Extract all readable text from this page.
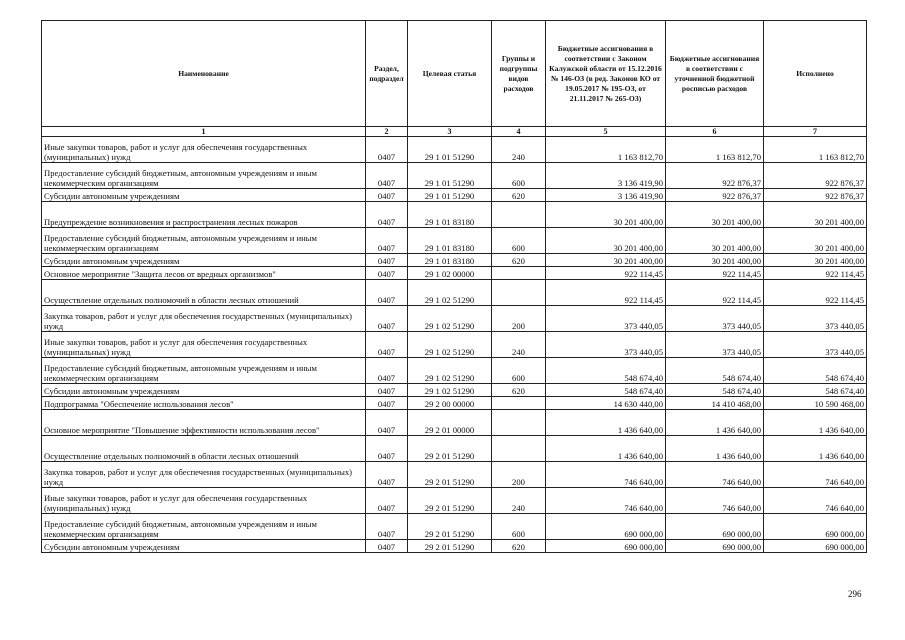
Наименование	Раздел, подраздел	Целевая статья	Группы и подгруппы видов расходов	Бюджетные ассигнования в соответствии с Законом Калужской области от 15.12.2016 № 146-ОЗ (в ред. Законов КО от 19.05.2017 № 195-ОЗ, от 21.11.2017 № 265-ОЗ)	Бюджетные ассигнования в соответствии с уточненной бюджетной росписью расходов	Исполнено
1	2	3	4	5	6	7
Иные закупки товаров, работ и услуг для обеспечения государственных (муниципальных) нужд	0407	29 1 01 51290	240	1 163 812,70	1 163 812,70	1 163 812,70
Предоставление субсидий бюджетным, автономным учреждениям и иным некоммерческим организациям	0407	29 1 01 51290	600	3 136 419,90	922 876,37	922 876,37
Субсидии автономным учреждениям	0407	29 1 01 51290	620	3 136 419,90	922 876,37	922 876,37
Предупреждение возникновения и распространения лесных пожаров	0407	29 1 01 83180		30 201 400,00	30 201 400,00	30 201 400,00
Предоставление субсидий бюджетным, автономным учреждениям и иным некоммерческим организациям	0407	29 1 01 83180	600	30 201 400,00	30 201 400,00	30 201 400,00
Субсидии автономным учреждениям	0407	29 1 01 83180	620	30 201 400,00	30 201 400,00	30 201 400,00
Основное мероприятие "Защита лесов от вредных организмов"	0407	29 1 02 00000		922 114,45	922 114,45	922 114,45
Осуществление отдельных полномочий в области лесных отношений	0407	29 1 02 51290		922 114,45	922 114,45	922 114,45
Закупка товаров, работ и услуг для обеспечения государственных (муниципальных) нужд	0407	29 1 02 51290	200	373 440,05	373 440,05	373 440,05
Иные закупки товаров, работ и услуг для обеспечения государственных (муниципальных) нужд	0407	29 1 02 51290	240	373 440,05	373 440,05	373 440,05
Предоставление субсидий бюджетным, автономным учреждениям и иным некоммерческим организациям	0407	29 1 02 51290	600	548 674,40	548 674,40	548 674,40
Субсидии автономным учреждениям	0407	29 1 02 51290	620	548 674,40	548 674,40	548 674,40
Подпрограмма "Обеспечение использования лесов"	0407	29 2 00 00000		14 630 440,00	14 410 468,00	10 590 468,00
Основное мероприятие "Повышение эффективности использования лесов"	0407	29 2 01 00000		1 436 640,00	1 436 640,00	1 436 640,00
Осуществление отдельных полномочий в области лесных отношений	0407	29 2 01 51290		1 436 640,00	1 436 640,00	1 436 640,00
Закупка товаров, работ и услуг для обеспечения государственных (муниципальных) нужд	0407	29 2 01 51290	200	746 640,00	746 640,00	746 640,00
Иные закупки товаров, работ и услуг для обеспечения государственных (муниципальных) нужд	0407	29 2 01 51290	240	746 640,00	746 640,00	746 640,00
Предоставление субсидий бюджетным, автономным учреждениям и иным некоммерческим организациям	0407	29 2 01 51290	600	690 000,00	690 000,00	690 000,00
Субсидии автономным учреждениям	0407	29 2 01 51290	620	690 000,00	690 000,00	690 000,00
296
